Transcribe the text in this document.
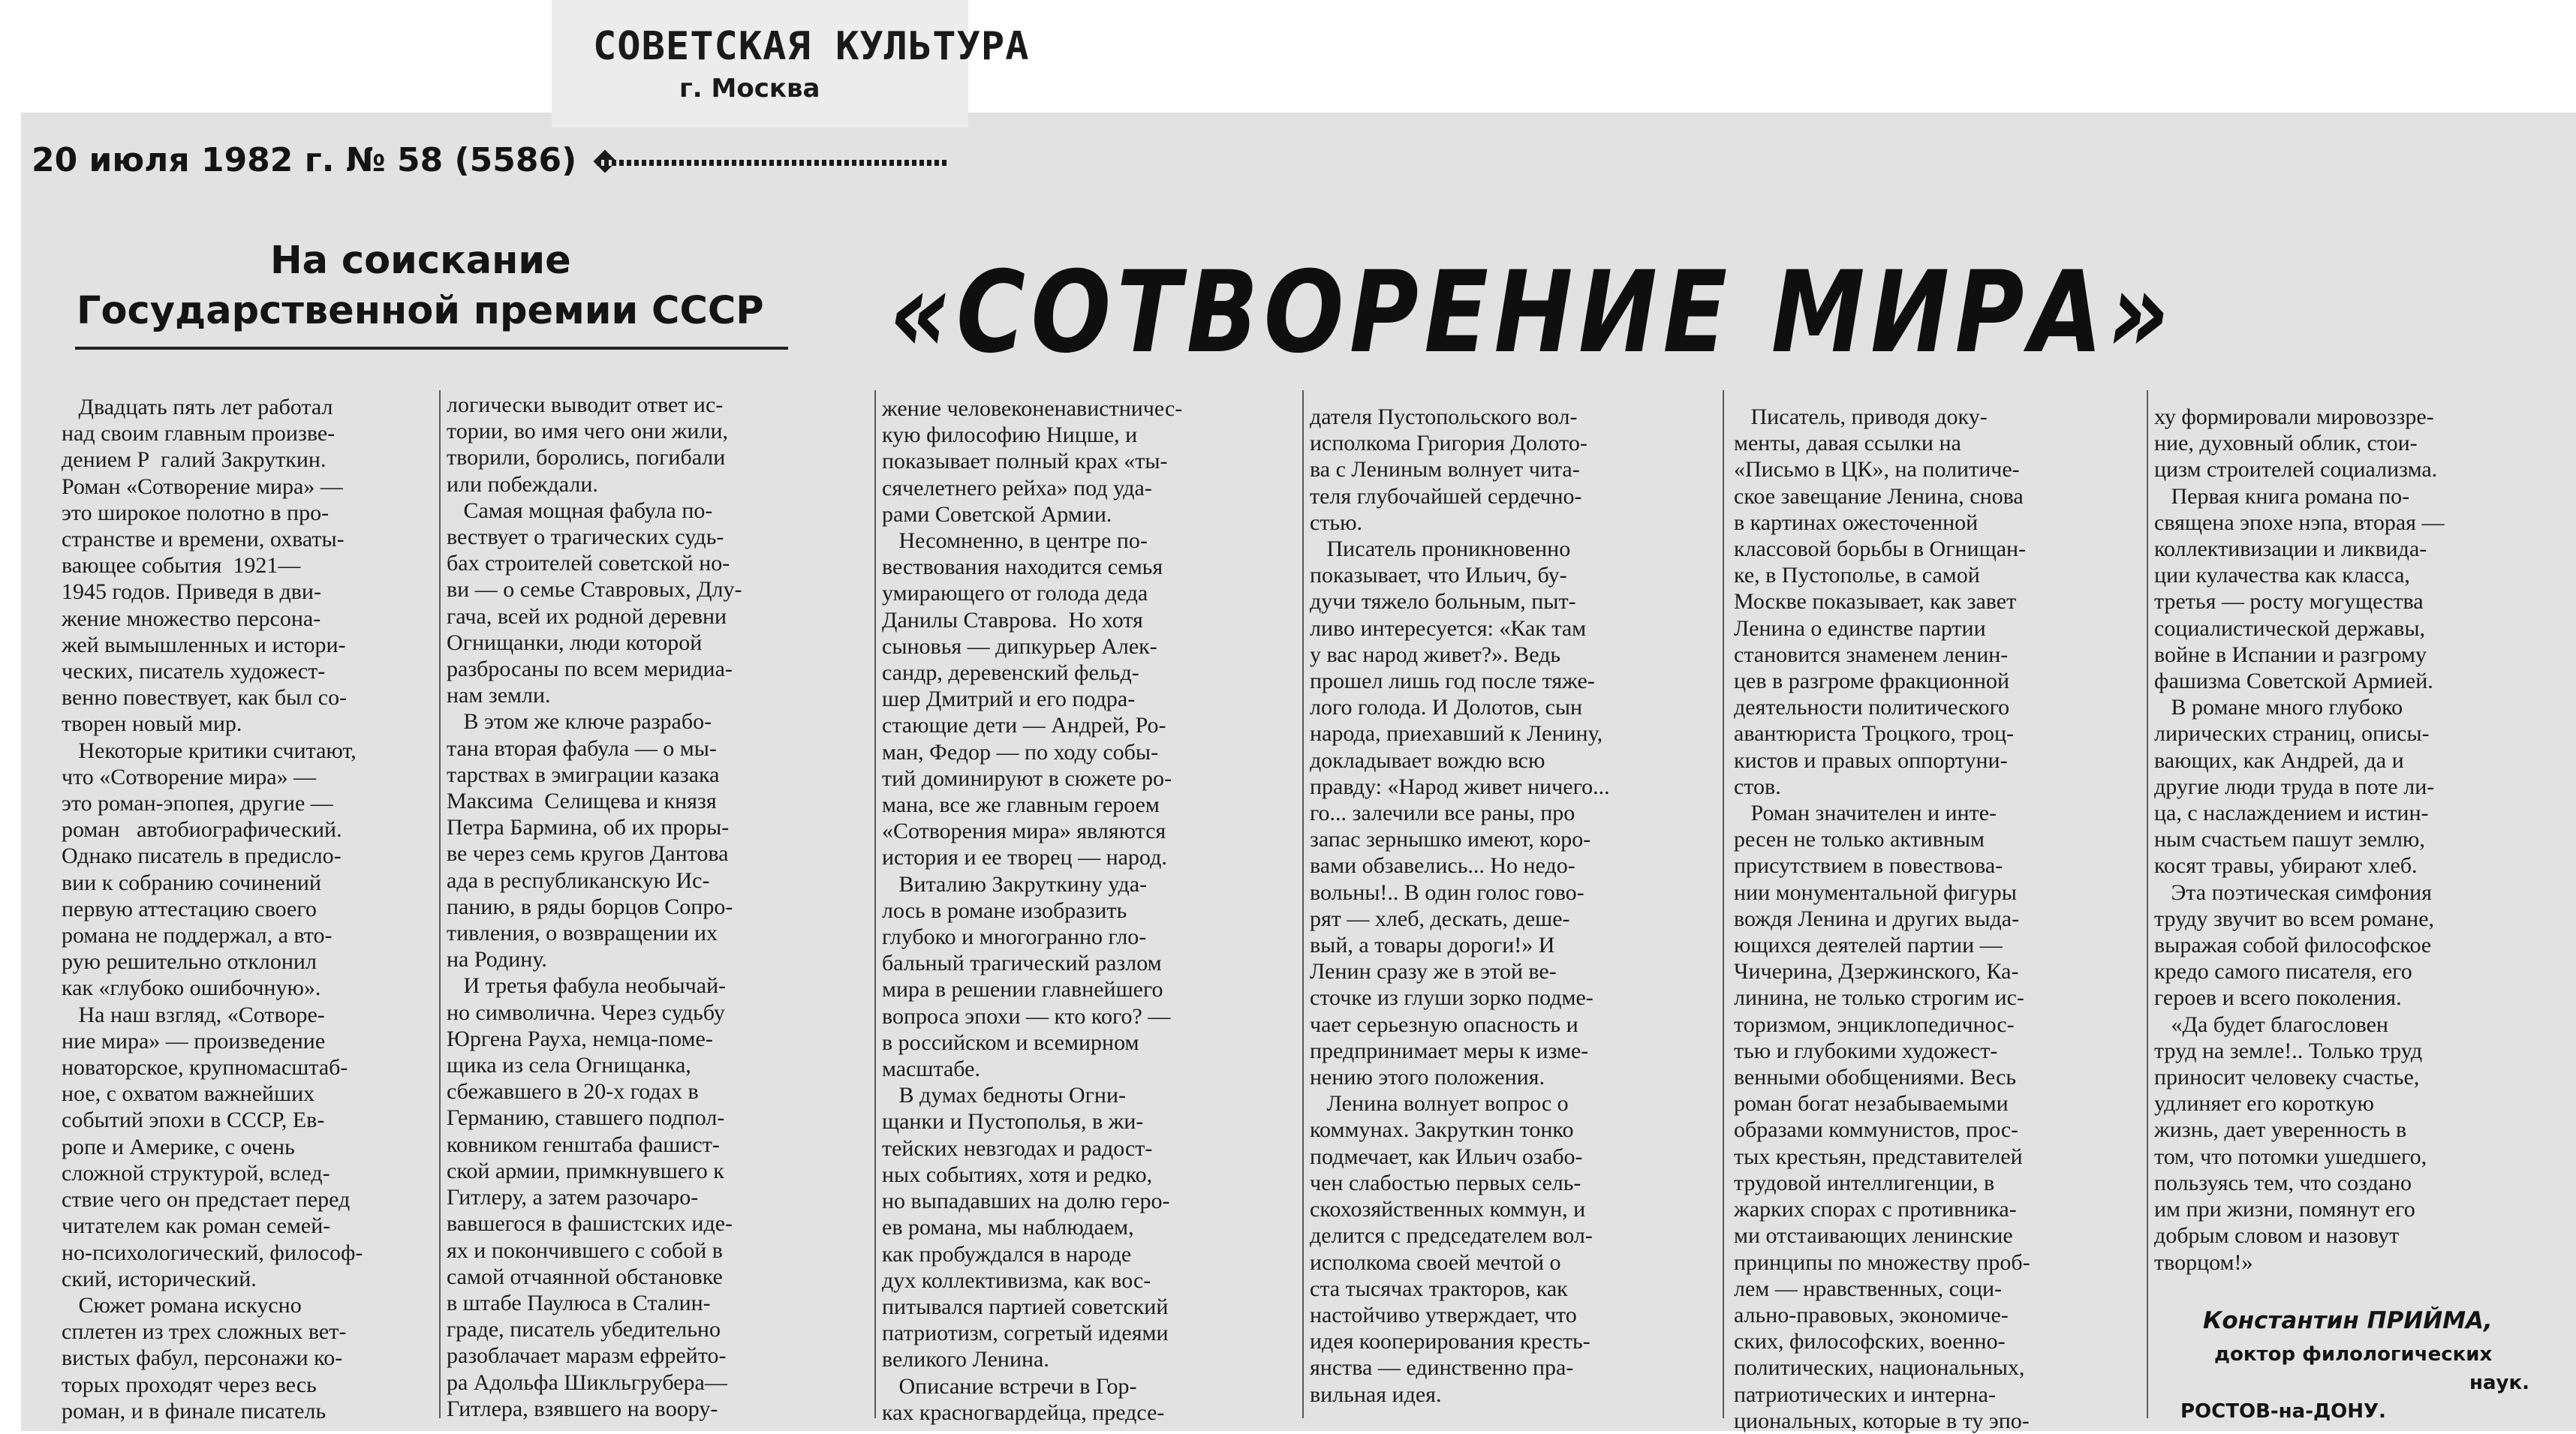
СОВЕТСКАЯ КУЛЬТУРА
г. Москва
20 июля 1982 г. № 58 (5586)
На соискание
Государственной премии СССР «СОТВОРЕНИЕ МИРА»

Двадцать пять лет работал

над своим главным произве-

дением Р  галий Закруткин.

Роман «Сотворение мира» —

это широкое полотно в про-

странстве и времени, охваты-

вающее события  1921—

1945 годов. Приведя в дви-

жение множество персона-

жей вымышленных и истори-

ческих, писатель художест-

венно повествует, как был со-

творен новый мир.

Некоторые критики считают,

что «Сотворение мира» —

это роман-эпопея, другие —

роман   автобиографический.

Однако писатель в предисло-

вии к собранию сочинений

первую аттестацию своего

романа не поддержал, а вто-

рую решительно отклонил

как «глубоко ошибочную».

На наш взгляд, «Сотворе-

ние мира» — произведение

новаторское, крупномасштаб-

ное, с охватом важнейших

событий эпохи в СССР, Ев-

ропе и Америке, с очень

сложной структурой, вслед-

ствие чего он предстает перед

читателем как роман семей-

но-психологический, философ-

ский, исторический.

Сюжет романа искусно

сплетен из трех сложных вет-

вистых фабул, персонажи ко-

торых проходят через весь

роман, и в финале писатель

логически выводит ответ ис-

тории, во имя чего они жили,

творили, боролись, погибали

или побеждали.

Самая мощная фабула по-

вествует о трагических судь-

бах строителей советской но-

ви — о семье Ставровых, Длу-

гача, всей их родной деревни

Огнищанки, люди которой

разбросаны по всем меридиа-

нам земли.

В этом же ключе разрабо-

тана вторая фабула — о мы-

тарствах в эмиграции казака

Максима  Селищева и князя

Петра Бармина, об их проры-

ве через семь кругов Дантова

ада в республиканскую Ис-

панию, в ряды борцов Сопро-

тивления, о возвращении их

на Родину.

И третья фабула необычай-

но символична. Через судьбу

Юргена Рауха, немца-поме-

щика из села Огнищанка,

сбежавшего в 20-х годах в

Германию, ставшего подпол-

ковником генштаба фашист-

ской армии, примкнувшего к

Гитлеру, а затем разочаро-

вавшегося в фашистских иде-

ях и покончившего с собой в

самой отчаянной обстановке

в штабе Паулюса в Сталин-

граде, писатель убедительно

разоблачает маразм ефрейто-

ра Адольфа Шикльгрубера—

Гитлера, взявшего на вooру-

жение человеконенавистничес-

кую философию Ницше, и

показывает полный крах «ты-

сячелетнего рейха» под уда-

рами Советской Армии.

Несомненно, в центре по-

вествования находится семья

умирающего от голода деда

Данилы Ставрова.  Но хотя

сыновья — дипкурьер Алек-

сандр, деревенский фельд-

шер Дмитрий и его подра-

стающие дети — Андрей, Ро-

ман, Федор — по ходу собы-

тий доминируют в сюжете ро-

мана, все же главным героем

«Сотворения мира» являются

история и ее творец — народ.

Виталию Закруткину уда-

лось в романе изобразить

глубоко и многогранно гло-

бальный трагический разлом

мира в решении главнейшего

вопроса эпохи — кто кого? —

в российском и всемирном

масштабе.

В думах бедноты Огни-

щанки и Пустополья, в жи-

тейских невзгодах и радост-

ных событиях, хотя и редко,

но выпадавших на долю геро-

ев романа, мы наблюдаем,

как пробуждался в народе

дух коллективизма, как вос-

питывался партией советский

патриотизм, согретый идеями

великого Ленина.

Описание встречи в Гор-

ках красногвардейца, предсе-

дателя Пустопольского вол-

исполкома Григория Долото-

ва с Лениным волнует чита-

теля глубочайшей сердечно-

стью.

Писатель проникновенно

показывает, что Ильич, бу-

дучи тяжело больным, пыт-

ливо интересуется: «Как там

у вас народ живет?». Ведь

прошел лишь год после тяже-

лого голода. И Долотов, сын

народа, приехавший к Ленину,

докладывает вождю всю

правду: «Народ живет ничего...

го... залечили все раны, про

запас зернышко имеют, коро-

вами обзавелись... Но недо-

вольны!.. В один голос гово-

рят — хлеб, дескать, деше-

вый, а товары дороги!» И

Ленин сразу же в этой ве-

сточке из глуши зорко подме-

чает серьезную опасность и

предпринимает меры к изме-

нению этого положения.

Ленина волнует вопрос о

коммунах. Закруткин тонко

подмечает, как Ильич озабо-

чен слабостью первых сель-

скохозяйственных коммун, и

делится с председателем вол-

исполкома своей мечтой о

ста тысячах тракторов, как

настойчиво утверждает, что

идея кооперирования кресть-

янства — единственно пра-

вильная идея.

Писатель, приводя доку-

менты, давая ссылки на

«Письмо в ЦК», на политиче-

ское завещание Ленина, снова

в картинах ожесточенной

классовой борьбы в Огнищан-

ке, в Пустополье, в самой

Москве показывает, как завет

Ленина о единстве партии

становится знаменем ленин-

цев в разгроме фракционной

деятельности политического

авантюриста Троцкого, троц-

кистов и правых оппортуни-

стов.

Роман значителен и инте-

ресен не только активным

присутствием в повествова-

нии монументальной фигуры

вождя Ленина и других выда-

ющихся деятелей партии —

Чичерина, Дзержинского, Ка-

линина, не только строгим ис-

торизмом, энциклопедичнос-

тью и глубокими художест-

венными обобщениями. Весь

роман богат незабываемыми

образами коммунистов, прос-

тых крестьян, представителей

трудовой интеллигенции, в

жарких спорах с противника-

ми отстаивающих ленинские

принципы по множеству проб-

лем — нравственных, соци-

ально-правовых, экономиче-

ских, философских, военно-

политических, национальных,

патриотических и интерна-

циональных, которые в ту эпо-

ху формировали мировоззре-

ние, духовный облик, стои-

цизм строителей социализма.

Первая книга романа по-

священа эпохе нэпа, вторая —

коллективизации и ликвида-

ции кулачества как класса,

третья — росту могущества

социалистической державы,

войне в Испании и разгрому

фашизма Советской Армией.

В романе много глубоко

лирических страниц, описы-

вающих, как Андрей, да и

другие люди труда в поте ли-

ца, с наслаждением и истин-

ным счастьем пашут землю,

косят травы, убирают хлеб.

Эта поэтическая симфония

труду звучит во всем романе,

выражая собой философское

кредо самого писателя, его

героев и всего поколения.

«Да будет благословен

труд на земле!.. Только труд

приносит человеку счастье,

удлиняет его короткую

жизнь, дает уверенность в

том, что потомки ушедшего,

пользуясь тем, что создано

им при жизни, помянут его

добрым словом и назовут

творцом!»

Константин ПРИЙМА,
доктор филологических
наук.
РОСТОВ-на-ДОНУ.
